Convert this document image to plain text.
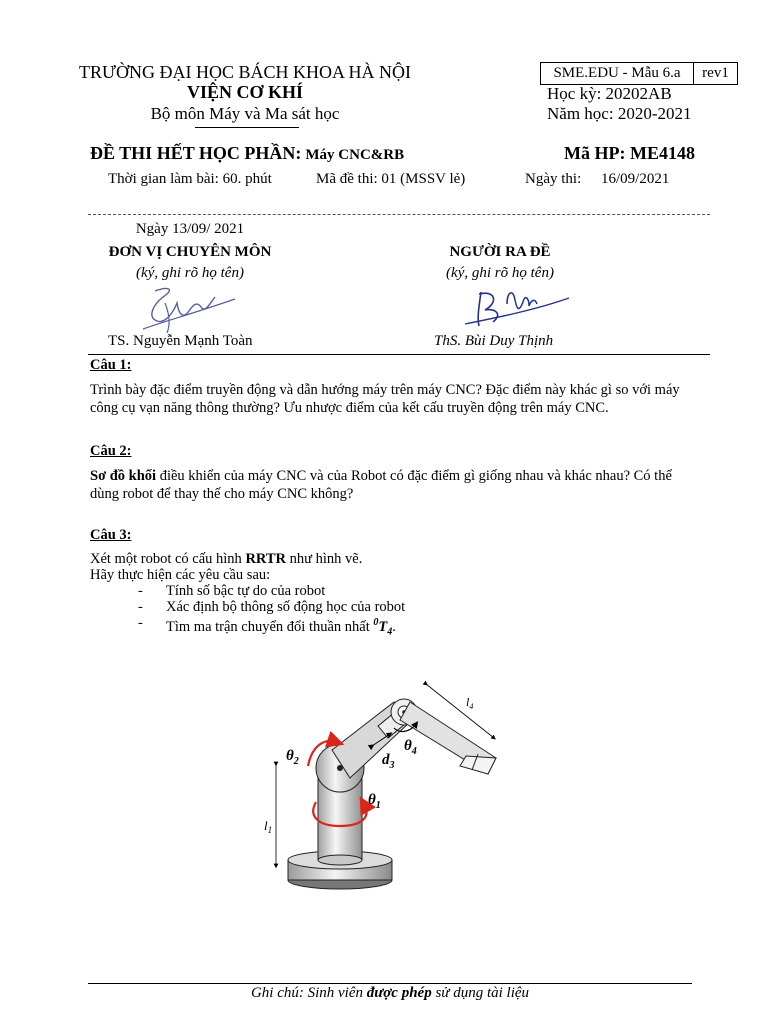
TRƯỜNG ĐẠI HỌC BÁCH KHOA HÀ NỘI
VIỆN CƠ KHÍ
Bộ môn Máy và Ma sát học
SME.EDU - Mẫu 6.a	rev1
Học kỳ: 20202AB
Năm học: 2020-2021
ĐỀ THI HẾT HỌC PHẦN: Máy CNC&RB	Mã HP: ME4148
Thời gian làm bài: 60. phút	Mã đề thi: 01 (MSSV lẻ)	Ngày thi: 16/09/2021
Ngày 13/09/ 2021
ĐƠN VỊ CHUYÊN MÔN
(ký, ghi rõ họ tên)
NGƯỜI RA ĐỀ
(ký, ghi rõ họ tên)
TS. Nguyễn Mạnh Toàn	ThS. Bùi Duy Thịnh
Câu 1:
Trình bày đặc điểm truyền động và dẫn hướng máy trên máy CNC? Đặc điểm này khác gì so với máy công cụ vạn năng thông thường? Ưu nhược điểm của kết cấu truyền động trên máy CNC.
Câu 2:
Sơ đồ khối điều khiển của máy CNC và của Robot có đặc điểm gì giống nhau và khác nhau? Có thể dùng robot để thay thế cho máy CNC không?
Câu 3:
Xét một robot có cấu hình RRTR như hình vẽ.
Hãy thực hiện các yêu cầu sau:
- Tính số bậc tự do của robot
- Xác định bộ thông số động học của robot
- Tìm ma trận chuyển đổi thuần nhất $^0T_4$.
$\theta_2$
$\theta_1$
$\theta_4$
$d_3$
$l_1$
$l_4$
Ghi chú: Sinh viên được phép sử dụng tài liệu
